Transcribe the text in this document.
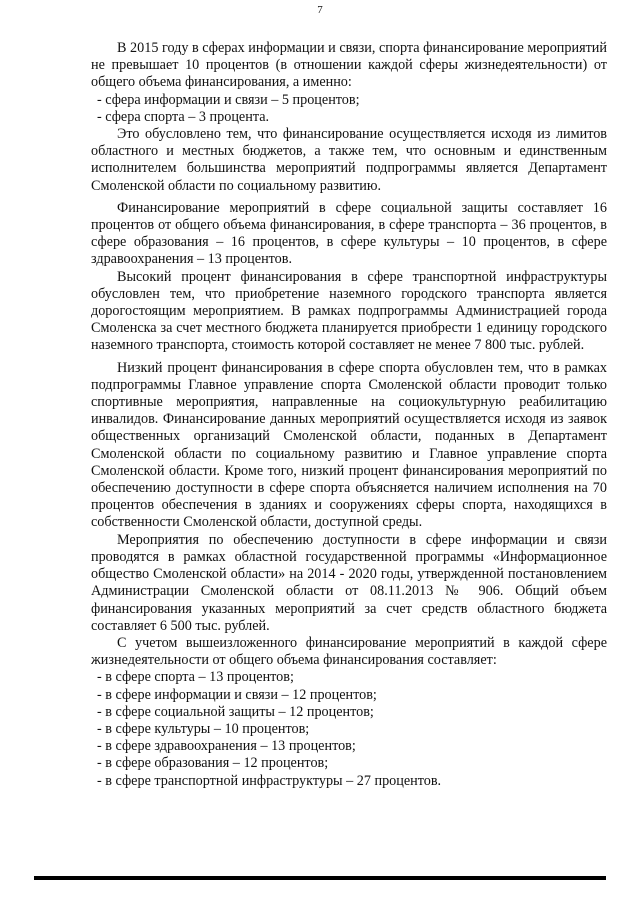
7

В 2015 году в сферах информации и связи, спорта финансирование мероприятий не превышает 10 процентов (в отношении каждой сферы жизнедеятельности) от общего объема финансирования, а именно:

- сфера информации и связи – 5 процентов;

- сфера спорта – 3 процента.

Это обусловлено тем, что финансирование осуществляется исходя из лимитов областного и местных бюджетов, а также тем, что основным и единственным исполнителем большинства мероприятий подпрограммы является Департамент Смоленской области по социальному развитию.

Финансирование мероприятий в сфере социальной защиты составляет 16 процентов от общего объема финансирования, в сфере транспорта – 36 процентов, в сфере образования – 16 процентов, в сфере культуры – 10 процентов, в сфере здравоохранения – 13 процентов.

Высокий процент финансирования в сфере транспортной инфраструктуры обусловлен тем, что приобретение наземного городского транспорта является дорогостоящим мероприятием. В рамках подпрограммы Администрацией города Смоленска за счет местного бюджета планируется приобрести 1 единицу городского наземного транспорта, стоимость которой составляет не менее 7 800 тыс. рублей.

Низкий процент финансирования в сфере спорта обусловлен тем, что в рамках подпрограммы Главное управление спорта Смоленской области проводит только спортивные мероприятия, направленные на социокультурную реабилитацию инвалидов. Финансирование данных мероприятий осуществляется исходя из заявок общественных организаций Смоленской области, поданных в Департамент Смоленской области по социальному развитию и Главное управление спорта Смоленской области. Кроме того, низкий процент финансирования мероприятий по обеспечению доступности в сфере спорта объясняется наличием исполнения на 70 процентов обеспечения в зданиях и сооружениях сферы спорта, находящихся в собственности Смоленской области, доступной среды.

Мероприятия по обеспечению доступности в сфере информации и связи проводятся в рамках областной государственной программы «Информационное общество Смоленской области» на 2014 - 2020 годы, утвержденной постановлением Администрации Смоленской области от 08.11.2013 № 906. Общий объем финансирования указанных мероприятий за счет средств областного бюджета составляет 6 500 тыс. рублей.

С учетом вышеизложенного финансирование мероприятий в каждой сфере жизнедеятельности от общего объема финансирования составляет:

- в сфере спорта – 13 процентов;

- в сфере информации и связи – 12 процентов;

- в сфере социальной защиты – 12 процентов;

- в сфере культуры – 10 процентов;

- в сфере здравоохранения – 13 процентов;

- в сфере образования – 12 процентов;

- в сфере транспортной инфраструктуры – 27 процентов.
